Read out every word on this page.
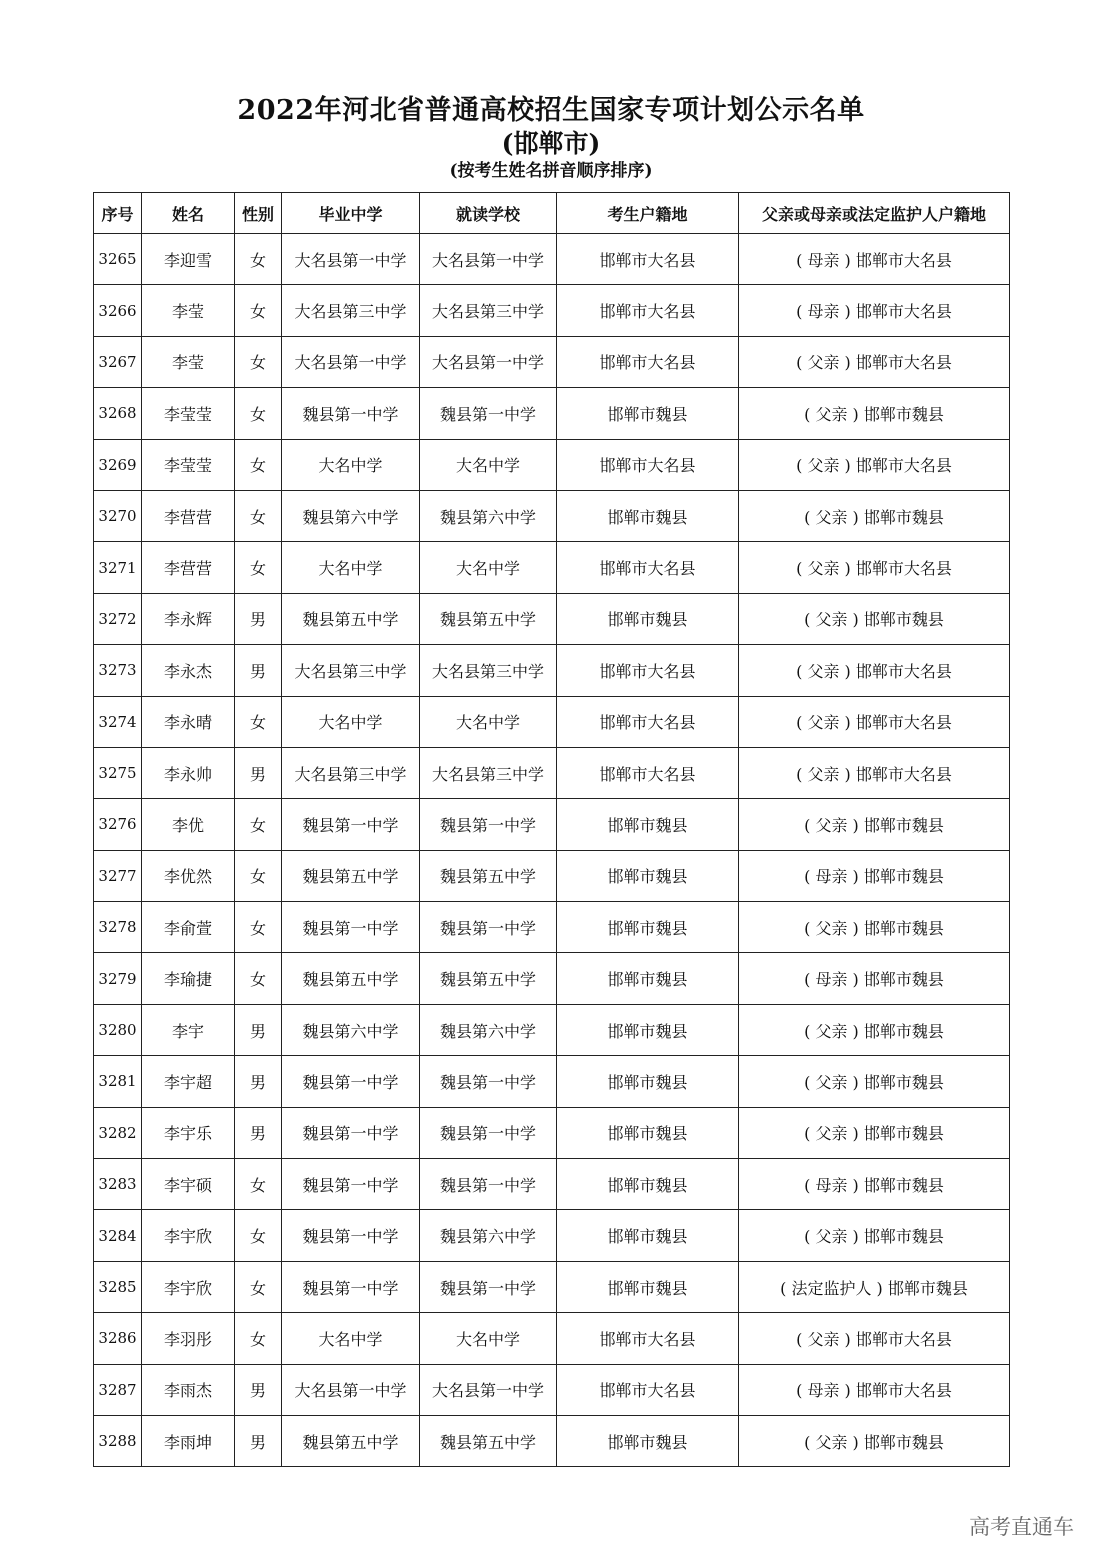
2022年河北省普通高校招生国家专项计划公示名单
(邯郸市)
(按考生姓名拼音顺序排序)
序号	姓名	性别	毕业中学	就读学校	考生户籍地	父亲或母亲或法定监护人户籍地
3265	李迎雪	女	大名县第一中学	大名县第一中学	邯郸市大名县	( 母亲 ) 邯郸市大名县
3266	李莹	女	大名县第三中学	大名县第三中学	邯郸市大名县	( 母亲 ) 邯郸市大名县
3267	李莹	女	大名县第一中学	大名县第一中学	邯郸市大名县	( 父亲 ) 邯郸市大名县
3268	李莹莹	女	魏县第一中学	魏县第一中学	邯郸市魏县	( 父亲 ) 邯郸市魏县
3269	李莹莹	女	大名中学	大名中学	邯郸市大名县	( 父亲 ) 邯郸市大名县
3270	李营营	女	魏县第六中学	魏县第六中学	邯郸市魏县	( 父亲 ) 邯郸市魏县
3271	李营营	女	大名中学	大名中学	邯郸市大名县	( 父亲 ) 邯郸市大名县
3272	李永辉	男	魏县第五中学	魏县第五中学	邯郸市魏县	( 父亲 ) 邯郸市魏县
3273	李永杰	男	大名县第三中学	大名县第三中学	邯郸市大名县	( 父亲 ) 邯郸市大名县
3274	李永晴	女	大名中学	大名中学	邯郸市大名县	( 父亲 ) 邯郸市大名县
3275	李永帅	男	大名县第三中学	大名县第三中学	邯郸市大名县	( 父亲 ) 邯郸市大名县
3276	李优	女	魏县第一中学	魏县第一中学	邯郸市魏县	( 父亲 ) 邯郸市魏县
3277	李优然	女	魏县第五中学	魏县第五中学	邯郸市魏县	( 母亲 ) 邯郸市魏县
3278	李俞萱	女	魏县第一中学	魏县第一中学	邯郸市魏县	( 父亲 ) 邯郸市魏县
3279	李瑜捷	女	魏县第五中学	魏县第五中学	邯郸市魏县	( 母亲 ) 邯郸市魏县
3280	李宇	男	魏县第六中学	魏县第六中学	邯郸市魏县	( 父亲 ) 邯郸市魏县
3281	李宇超	男	魏县第一中学	魏县第一中学	邯郸市魏县	( 父亲 ) 邯郸市魏县
3282	李宇乐	男	魏县第一中学	魏县第一中学	邯郸市魏县	( 父亲 ) 邯郸市魏县
3283	李宇硕	女	魏县第一中学	魏县第一中学	邯郸市魏县	( 母亲 ) 邯郸市魏县
3284	李宇欣	女	魏县第一中学	魏县第六中学	邯郸市魏县	( 父亲 ) 邯郸市魏县
3285	李宇欣	女	魏县第一中学	魏县第一中学	邯郸市魏县	( 法定监护人 ) 邯郸市魏县
3286	李羽彤	女	大名中学	大名中学	邯郸市大名县	( 父亲 ) 邯郸市大名县
3287	李雨杰	男	大名县第一中学	大名县第一中学	邯郸市大名县	( 母亲 ) 邯郸市大名县
3288	李雨坤	男	魏县第五中学	魏县第五中学	邯郸市魏县	( 父亲 ) 邯郸市魏县
高考直通车
